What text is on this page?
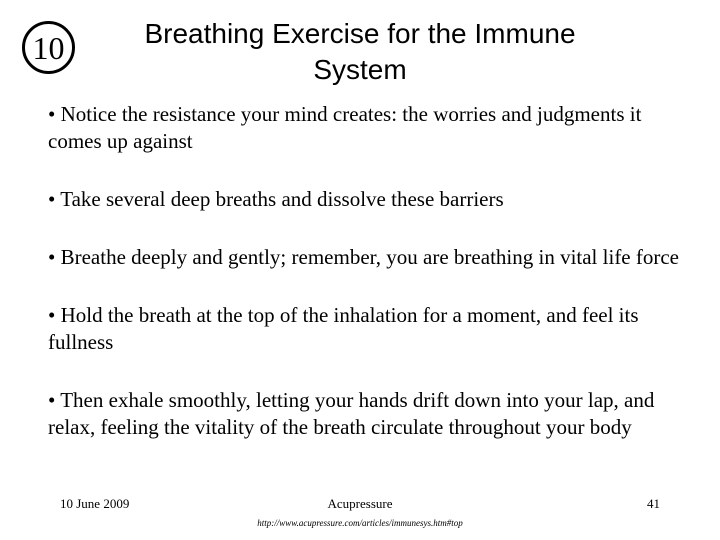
10	Breathing Exercise for the Immune System
• Notice the resistance your mind creates: the worries and judgments it comes up against
• Take several deep breaths and dissolve these barriers
• Breathe deeply and gently; remember, you are breathing in vital life force
• Hold the breath at the top of the inhalation for a moment, and feel its fullness
• Then exhale smoothly, letting your hands drift down into your lap, and relax, feeling the vitality of the breath circulate throughout your body
10 June 2009	Acupressure	41
http://www.acupressure.com/articles/immunesys.htm#top
